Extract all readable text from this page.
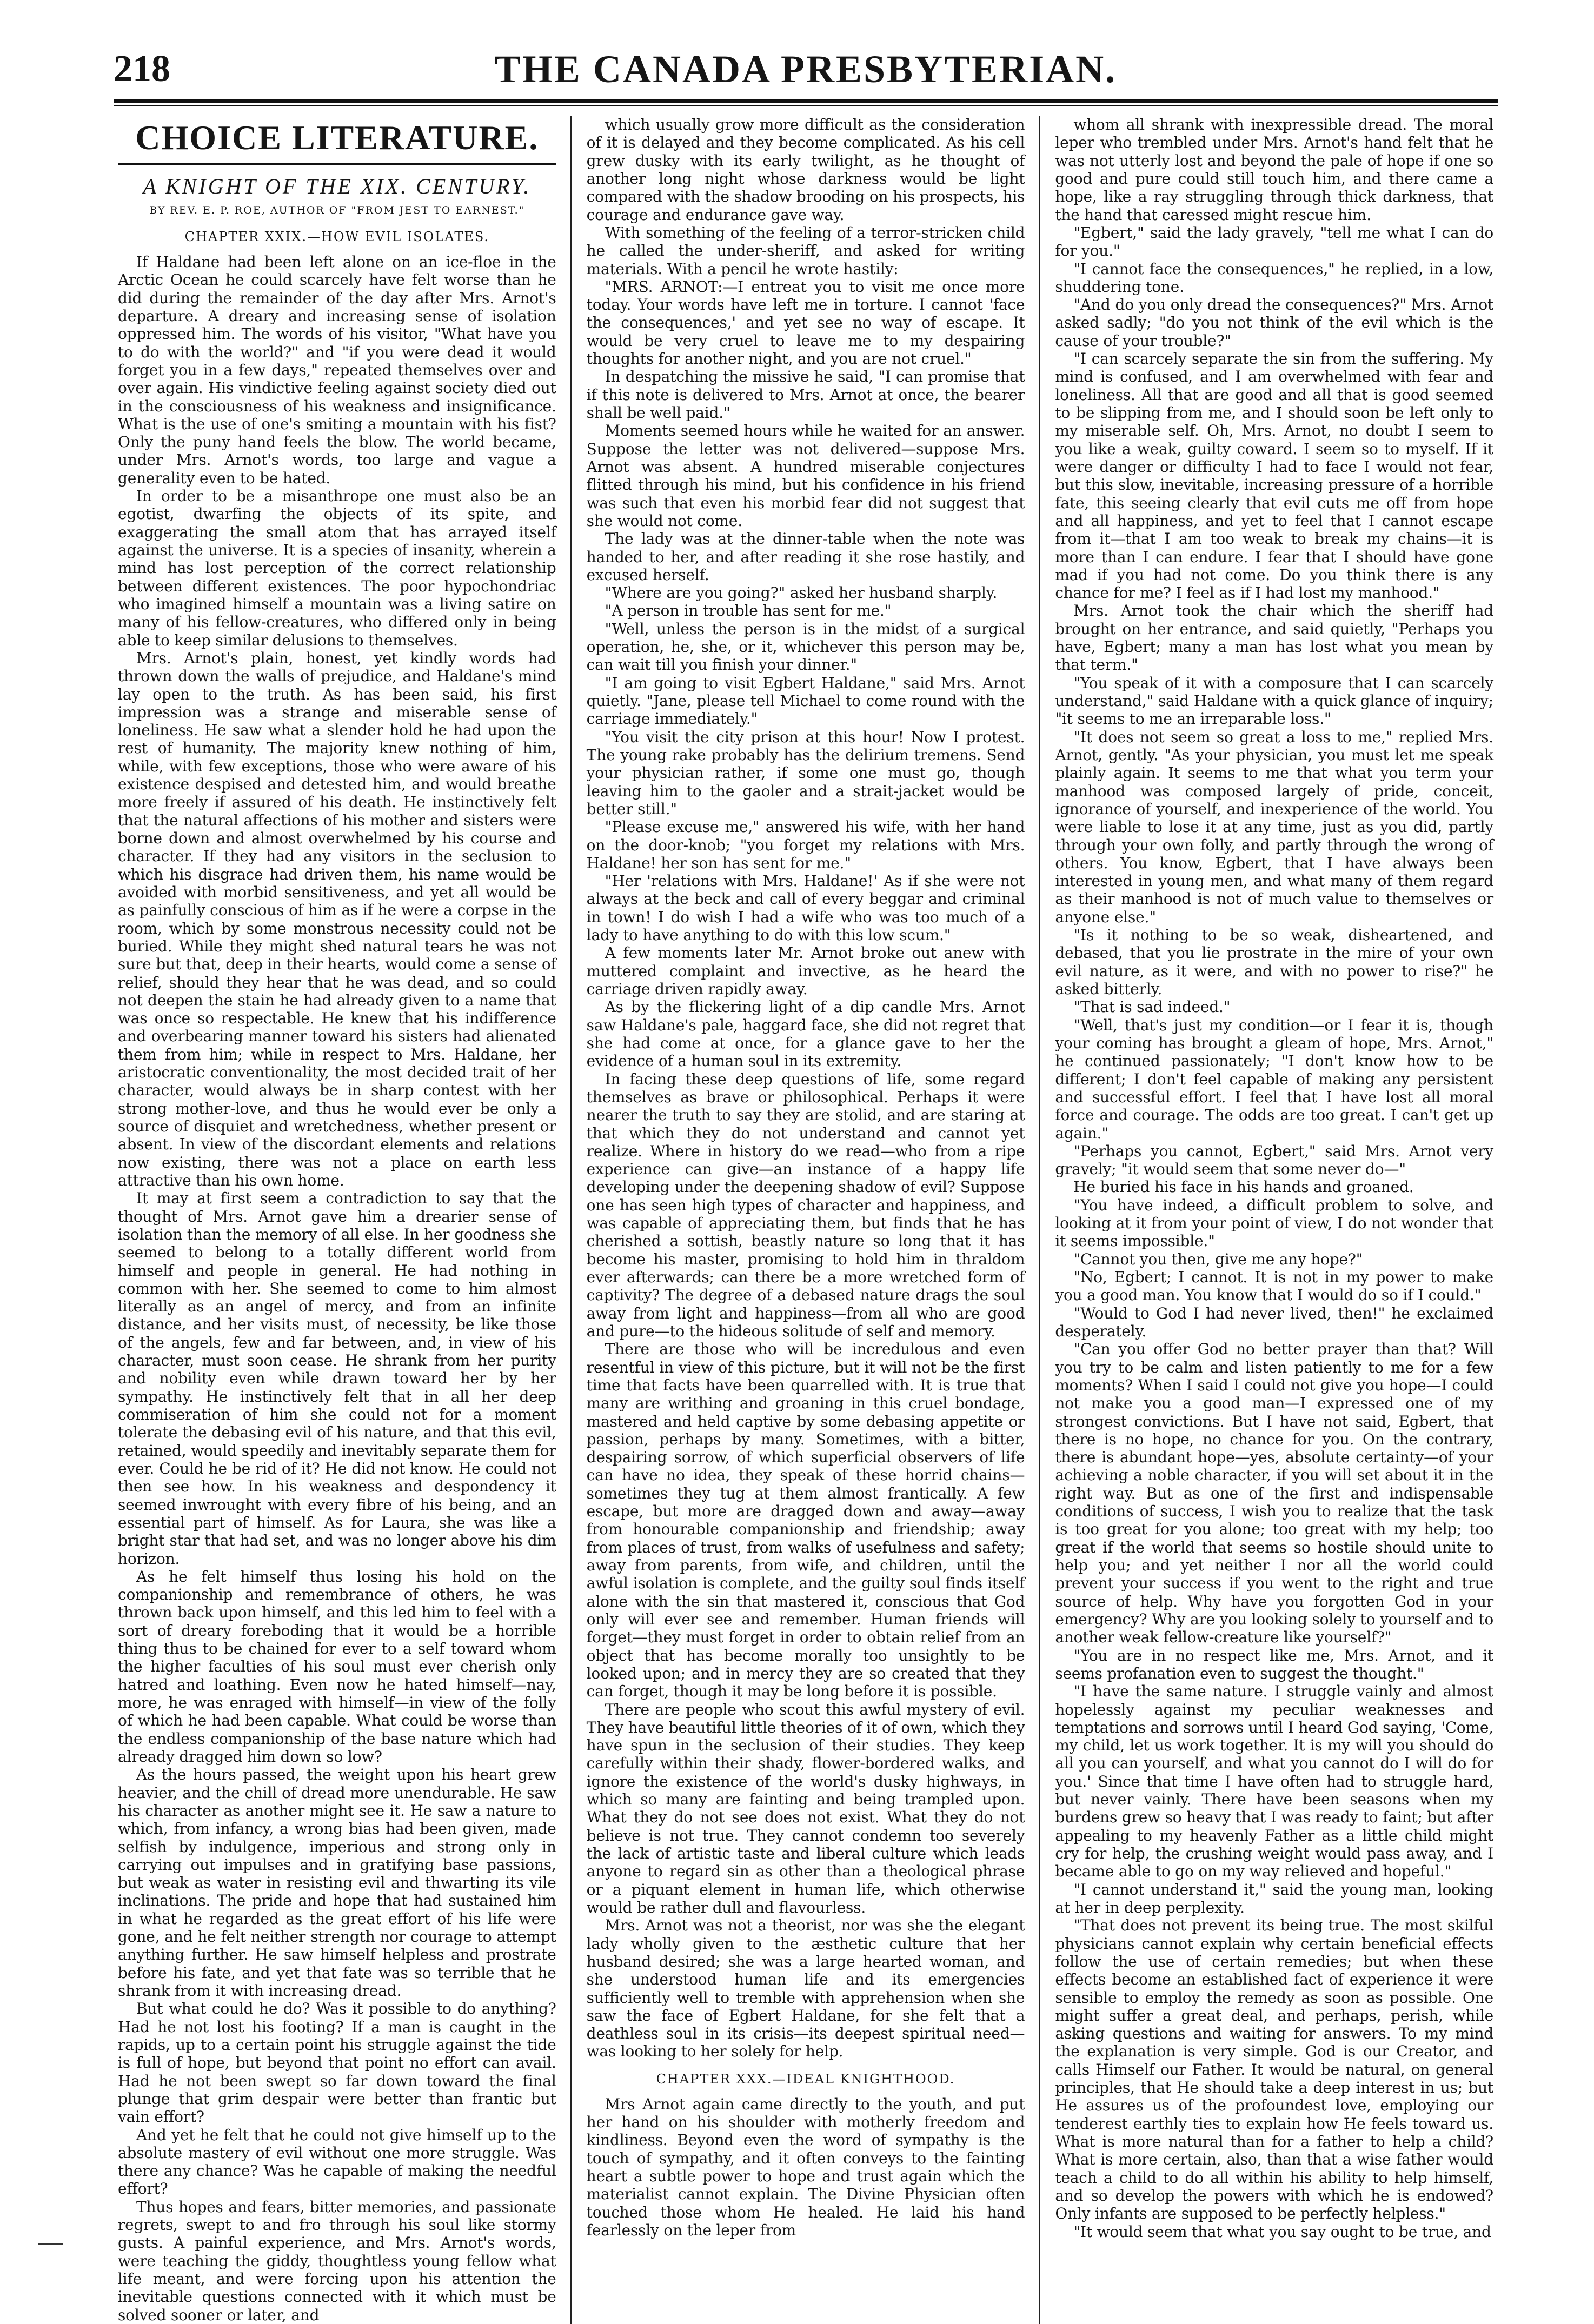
218	THE CANADA PRESBYTERIAN.
CHOICE LITERATURE.
A KNIGHT OF THE XIX. CENTURY.
BY REV. E. P. ROE, AUTHOR OF "FROM JEST TO EARNEST."
CHAPTER XXIX.—HOW EVIL ISOLATES.

If Haldane had been left alone on an ice-floe in the Arctic Ocean he could scarcely have felt worse than he did during the remainder of the day after Mrs. Arnot's departure. A dreary and increasing sense of isolation oppressed him. The words of his visitor, "What have you to do with the world?" and "if you were dead it would forget you in a few days," repeated themselves over and over again. His vindictive feeling against society died out in the consciousness of his weakness and insignificance. What is the use of one's smiting a mountain with his fist? Only the puny hand feels the blow. The world became, under Mrs. Arnot's words, too large and vague a generality even to be hated.

In order to be a misanthrope one must also be an egotist, dwarfing the objects of its spite, and exaggerating the small atom that has arrayed itself against the universe. It is a species of insanity, wherein a mind has lost perception of the correct relationship between different existences. The poor hypochondriac who imagined himself a mountain was a living satire on many of his fellow-creatures, who differed only in being able to keep similar delusions to themselves.

Mrs. Arnot's plain, honest, yet kindly words had thrown down the walls of prejudice, and Haldane's mind lay open to the truth. As has been said, his first impression was a strange and miserable sense of loneliness. He saw what a slender hold he had upon the rest of humanity. The majority knew nothing of him, while, with few exceptions, those who were aware of his existence despised and detested him, and would breathe more freely if assured of his death. He instinctively felt that the natural affections of his mother and sisters were borne down and almost overwhelmed by his course and character. If they had any visitors in the seclusion to which his disgrace had driven them, his name would be avoided with morbid sensitiveness, and yet all would be as painfully conscious of him as if he were a corpse in the room, which by some monstrous necessity could not be buried. While they might shed natural tears he was not sure but that, deep in their hearts, would come a sense of relief, should they hear that he was dead, and so could not deepen the stain he had already given to a name that was once so respectable. He knew that his indifference and overbearing manner toward his sisters had alienated them from him; while in respect to Mrs. Haldane, her aristocratic conventionality, the most decided trait of her character, would always be in sharp contest with her strong mother-love, and thus he would ever be only a source of disquiet and wretchedness, whether present or absent. In view of the discordant elements and relations now existing, there was not a place on earth less attractive than his own home.

It may at first seem a contradiction to say that the thought of Mrs. Arnot gave him a drearier sense of isolation than the memory of all else. In her goodness she seemed to belong to a totally different world from himself and people in general. He had nothing in common with her. She seemed to come to him almost literally as an angel of mercy, and from an infinite distance, and her visits must, of necessity, be like those of the angels, few and far between, and, in view of his character, must soon cease. He shrank from her purity and nobility even while drawn toward her by her sympathy. He instinctively felt that in all her deep commiseration of him she could not for a moment tolerate the debasing evil of his nature, and that this evil, retained, would speedily and inevitably separate them for ever. Could he be rid of it? He did not know. He could not then see how. In his weakness and despondency it seemed inwrought with every fibre of his being, and an essential part of himself. As for Laura, she was like a bright star that had set, and was no longer above his dim horizon.

As he felt himself thus losing his hold on the companionship and remembrance of others, he was thrown back upon himself, and this led him to feel with a sort of dreary foreboding that it would be a horrible thing thus to be chained for ever to a self toward whom the higher faculties of his soul must ever cherish only hatred and loathing. Even now he hated himself—nay, more, he was enraged with himself—in view of the folly of which he had been capable. What could be worse than the endless companionship of the base nature which had already dragged him down so low?

As the hours passed, the weight upon his heart grew heavier, and the chill of dread more unendurable. He saw his character as another might see it. He saw a nature to which, from infancy, a wrong bias had been given, made selfish by indulgence, imperious and strong only in carrying out impulses and in gratifying base passions, but weak as water in resisting evil and thwarting its vile inclinations. The pride and hope that had sustained him in what he regarded as the great effort of his life were gone, and he felt neither strength nor courage to attempt anything further. He saw himself helpless and prostrate before his fate, and yet that fate was so terrible that he shrank from it with increasing dread.

But what could he do? Was it possible to do anything? Had he not lost his footing? If a man is caught in the rapids, up to a certain point his struggle against the tide is full of hope, but beyond that point no effort can avail. Had he not been swept so far down toward the final plunge that grim despair were better than frantic but vain effort?

And yet he felt that he could not give himself up to the absolute mastery of evil without one more struggle. Was there any chance? Was he capable of making the needful effort?

Thus hopes and fears, bitter memories, and passionate regrets, swept to and fro through his soul like stormy gusts. A painful experience, and Mrs. Arnot's words, were teaching the giddy, thoughtless young fellow what life meant, and were forcing upon his attention the inevitable questions connected with it which must be solved sooner or later, and

which usually grow more difficult as the consideration of it is delayed and they become complicated. As his cell grew dusky with its early twilight, as he thought of another long night whose darkness would be light compared with the shadow brooding on his prospects, his courage and endurance gave way.

With something of the feeling of a terror-stricken child he called the under-sheriff, and asked for writing materials. With a pencil he wrote hastily:

"MRS. ARNOT:—I entreat you to visit me once more today. Your words have left me in torture. I cannot 'face the consequences,' and yet see no way of escape. It would be very cruel to leave me to my despairing thoughts for another night, and you are not cruel."

In despatching the missive he said, "I can promise that if this note is delivered to Mrs. Arnot at once, the bearer shall be well paid."

Moments seemed hours while he waited for an answer. Suppose the letter was not delivered—suppose Mrs. Arnot was absent. A hundred miserable conjectures flitted through his mind, but his confidence in his friend was such that even his morbid fear did not suggest that she would not come.

The lady was at the dinner-table when the note was handed to her, and after reading it she rose hastily, and excused herself.

"Where are you going?" asked her husband sharply.

"A person in trouble has sent for me."

"Well, unless the person is in the midst of a surgical operation, he, she, or it, whichever this person may be, can wait till you finish your dinner."

"I am going to visit Egbert Haldane," said Mrs. Arnot quietly. "Jane, please tell Michael to come round with the carriage immediately."

"You visit the city prison at this hour! Now I protest. The young rake probably has the delirium tremens. Send your physician rather, if some one must go, though leaving him to the gaoler and a strait-jacket would be better still."

"Please excuse me," answered his wife, with her hand on the door-knob; "you forget my relations with Mrs. Haldane! her son has sent for me."

"Her 'relations with Mrs. Haldane!' As if she were not always at the beck and call of every beggar and criminal in town! I do wish I had a wife who was too much of a lady to have anything to do with this low scum."

A few moments later Mr. Arnot broke out anew with muttered complaint and invective, as he heard the carriage driven rapidly away.

As by the flickering light of a dip candle Mrs. Arnot saw Haldane's pale, haggard face, she did not regret that she had come at once, for a glance gave to her the evidence of a human soul in its extremity.

In facing these deep questions of life, some regard themselves as brave or philosophical. Perhaps it were nearer the truth to say they are stolid, and are staring at that which they do not understand and cannot yet realize. Where in history do we read—who from a ripe experience can give—an instance of a happy life developing under the deepening shadow of evil? Suppose one has seen high types of character and happiness, and was capable of appreciating them, but finds that he has cherished a sottish, beastly nature so long that it has become his master, promising to hold him in thraldom ever afterwards; can there be a more wretched form of captivity? The degree of a debased nature drags the soul away from light and happiness—from all who are good and pure—to the hideous solitude of self and memory.

There are those who will be incredulous and even resentful in view of this picture, but it will not be the first time that facts have been quarrelled with. It is true that many are writhing and groaning in this cruel bondage, mastered and held captive by some debasing appetite or passion, perhaps by many. Sometimes, with a bitter, despairing sorrow, of which superficial observers of life can have no idea, they speak of these horrid chains—sometimes they tug at them almost frantically. A few escape, but more are dragged down and away—away from honourable companionship and friendship; away from places of trust, from walks of usefulness and safety; away from parents, from wife, and children, until the awful isolation is complete, and the guilty soul finds itself alone with the sin that mastered it, conscious that God only will ever see and remember. Human friends will forget—they must forget in order to obtain relief from an object that has become morally too unsightly to be looked upon; and in mercy they are so created that they can forget, though it may be long before it is possible.

There are people who scout this awful mystery of evil. They have beautiful little theories of it of own, which they have spun in the seclusion of their studies. They keep carefully within their shady, flower-bordered walks, and ignore the existence of the world's dusky highways, in which so many are fainting and being trampled upon. What they do not see does not exist. What they do not believe is not true. They cannot condemn too severely the lack of artistic taste and liberal culture which leads anyone to regard sin as other than a theological phrase or a piquant element in human life, which otherwise would be rather dull and flavourless.

Mrs. Arnot was not a theorist, nor was she the elegant lady wholly given to the æsthetic culture that her husband desired; she was a large hearted woman, and she understood human life and its emergencies sufficiently well to tremble with apprehension when she saw the face of Egbert Haldane, for she felt that a deathless soul in its crisis—its deepest spiritual need—was looking to her solely for help.

CHAPTER XXX.—IDEAL KNIGHTHOOD.

Mrs Arnot again came directly to the youth, and put her hand on his shoulder with motherly freedom and kindliness. Beyond even the word of sympathy is the touch of sympathy, and it often conveys to the fainting heart a subtle power to hope and trust again which the materialist cannot explain. The Divine Physician often touched those whom He healed. He laid his hand fearlessly on the leper from

whom all shrank with inexpressible dread. The moral leper who trembled under Mrs. Arnot's hand felt that he was not utterly lost and beyond the pale of hope if one so good and pure could still touch him, and there came a hope, like a ray struggling through thick darkness, that the hand that caressed might rescue him.

"Egbert," said the lady gravely, "tell me what I can do for you."

"I cannot face the consequences," he replied, in a low, shuddering tone.

"And do you only dread the consequences?" Mrs. Arnot asked sadly; "do you not think of the evil which is the cause of your trouble?"

"I can scarcely separate the sin from the suffering. My mind is confused, and I am overwhelmed with fear and loneliness. All that are good and all that is good seemed to be slipping from me, and I should soon be left only to my miserable self. Oh, Mrs. Arnot, no doubt I seem to you like a weak, guilty coward. I seem so to myself. If it were danger or difficulty I had to face I would not fear, but this slow, inevitable, increasing pressure of a horrible fate, this seeing clearly that evil cuts me off from hope and all happiness, and yet to feel that I cannot escape from it—that I am too weak to break my chains—it is more than I can endure. I fear that I should have gone mad if you had not come. Do you think there is any chance for me? I feel as if I had lost my manhood."

Mrs. Arnot took the chair which the sheriff had brought on her entrance, and said quietly, "Perhaps you have, Egbert; many a man has lost what you mean by that term."

"You speak of it with a composure that I can scarcely understand," said Haldane with a quick glance of inquiry; "it seems to me an irreparable loss."

"It does not seem so great a loss to me," replied Mrs. Arnot, gently. "As your physician, you must let me speak plainly again. It seems to me that what you term your manhood was composed largely of pride, conceit, ignorance of yourself, and inexperience of the world. You were liable to lose it at any time, just as you did, partly through your own folly, and partly through the wrong of others. You know, Egbert, that I have always been interested in young men, and what many of them regard as their manhood is not of much value to themselves or anyone else."

"Is it nothing to be so weak, disheartened, and debased, that you lie prostrate in the mire of your own evil nature, as it were, and with no power to rise?" he asked bitterly.

"That is sad indeed."

"Well, that's just my condition—or I fear it is, though your coming has brought a gleam of hope, Mrs. Arnot," he continued passionately; "I don't know how to be different; I don't feel capable of making any persistent and successful effort. I feel that I have lost all moral force and courage. The odds are too great. I can't get up again."

"Perhaps you cannot, Egbert," said Mrs. Arnot very gravely; "it would seem that some never do—"

He buried his face in his hands and groaned.

"You have indeed, a difficult problem to solve, and looking at it from your point of view, I do not wonder that it seems impossible."

"Cannot you then, give me any hope?"

"No, Egbert; I cannot. It is not in my power to make you a good man. You know that I would do so if I could."

"Would to God I had never lived, then!" he exclaimed desperately.

"Can you offer God no better prayer than that? Will you try to be calm and listen patiently to me for a few moments? When I said I could not give you hope—I could not make you a good man—I expressed one of my strongest convictions. But I have not said, Egbert, that there is no hope, no chance for you. On the contrary, there is abundant hope—yes, absolute certainty—of your achieving a noble character, if you will set about it in the right way. But as one of the first and indispensable conditions of success, I wish you to realize that the task is too great for you alone; too great with my help; too great if the world that seems so hostile should unite to help you; and yet neither I nor all the world could prevent your success if you went to the right and true source of help. Why have you forgotten God in your emergency? Why are you looking solely to yourself and to another weak fellow-creature like yourself?"

"You are in no respect like me, Mrs. Arnot, and it seems profanation even to suggest the thought."

"I have the same nature. I struggle vainly and almost hopelessly against my peculiar weaknesses and temptations and sorrows until I heard God saying, 'Come, my child, let us work together. It is my will you should do all you can yourself, and what you cannot do I will do for you.' Since that time I have often had to struggle hard, but never vainly. There have been seasons when my burdens grew so heavy that I was ready to faint; but after appealing to my heavenly Father as a little child might cry for help, the crushing weight would pass away, and I became able to go on my way relieved and hopeful."

"I cannot understand it," said the young man, looking at her in deep perplexity.

"That does not prevent its being true. The most skilful physicians cannot explain why certain beneficial effects follow the use of certain remedies; but when these effects become an established fact of experience it were sensible to employ the remedy as soon as possible. One might suffer a great deal, and perhaps, perish, while asking questions and waiting for answers. To my mind the explanation is very simple. God is our Creator, and calls Himself our Father. It would be natural, on general principles, that He should take a deep interest in us; but He assures us of the profoundest love, employing our tenderest earthly ties to explain how He feels toward us. What is more natural than for a father to help a child? What is more certain, also, than that a wise father would teach a child to do all within his ability to help himself, and so develop the powers with which he is endowed? Only infants are supposed to be perfectly helpless."

"It would seem that what you say ought to be true, and
